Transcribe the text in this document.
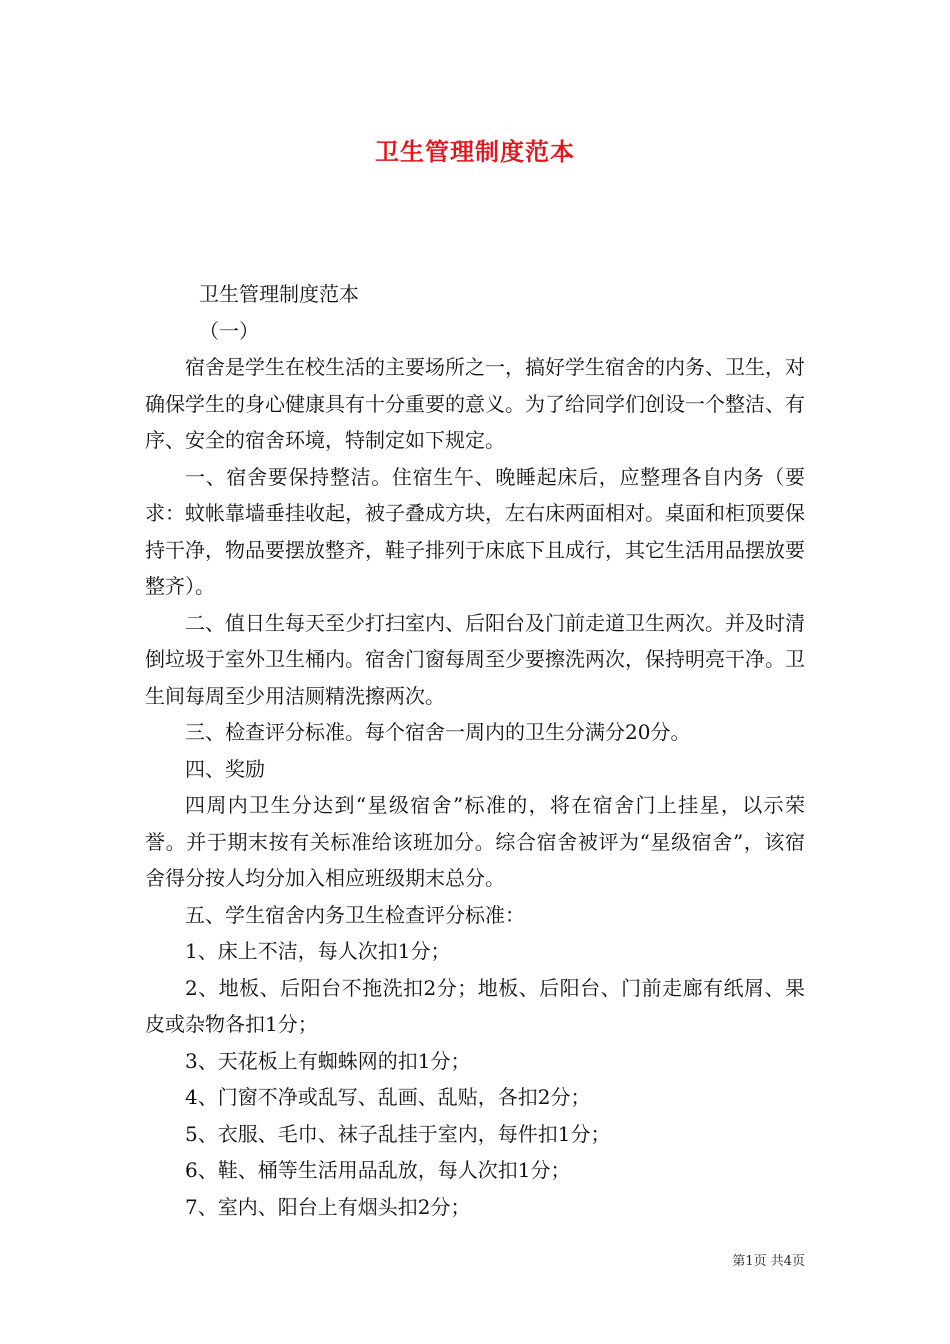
卫生管理制度范本

卫生管理制度范本

（一）

宿舍是学生在校生活的主要场所之一，搞好学生宿舍的内务、卫生，对确保学生的身心健康具有十分重要的意义。为了给同学们创设一个整洁、有序、安全的宿舍环境，特制定如下规定。

一、宿舍要保持整洁。住宿生午、晚睡起床后，应整理各自内务（要求：蚊帐靠墙垂挂收起，被子叠成方块，左右床两面相对。桌面和柜顶要保持干净，物品要摆放整齐，鞋子排列于床底下且成行，其它生活用品摆放要整齐）。

二、值日生每天至少打扫室内、后阳台及门前走道卫生两次。并及时清倒垃圾于室外卫生桶内。宿舍门窗每周至少要擦洗两次，保持明亮干净。卫生间每周至少用洁厕精洗擦两次。

三、检查评分标准。每个宿舍一周内的卫生分满分20分。

四、奖励

四周内卫生分达到“星级宿舍”标准的，将在宿舍门上挂星，以示荣誉。并于期末按有关标准给该班加分。综合宿舍被评为“星级宿舍”，该宿舍得分按人均分加入相应班级期末总分。

五、学生宿舍内务卫生检查评分标准：

1、床上不洁，每人次扣1分；

2、地板、后阳台不拖洗扣2分；地板、后阳台、门前走廊有纸屑、果皮或杂物各扣1分；

3、天花板上有蜘蛛网的扣1分；

4、门窗不净或乱写、乱画、乱贴，各扣2分；

5、衣服、毛巾、袜子乱挂于室内，每件扣1分；

6、鞋、桶等生活用品乱放，每人次扣1分；

7、室内、阳台上有烟头扣2分；

第1页 共4页
